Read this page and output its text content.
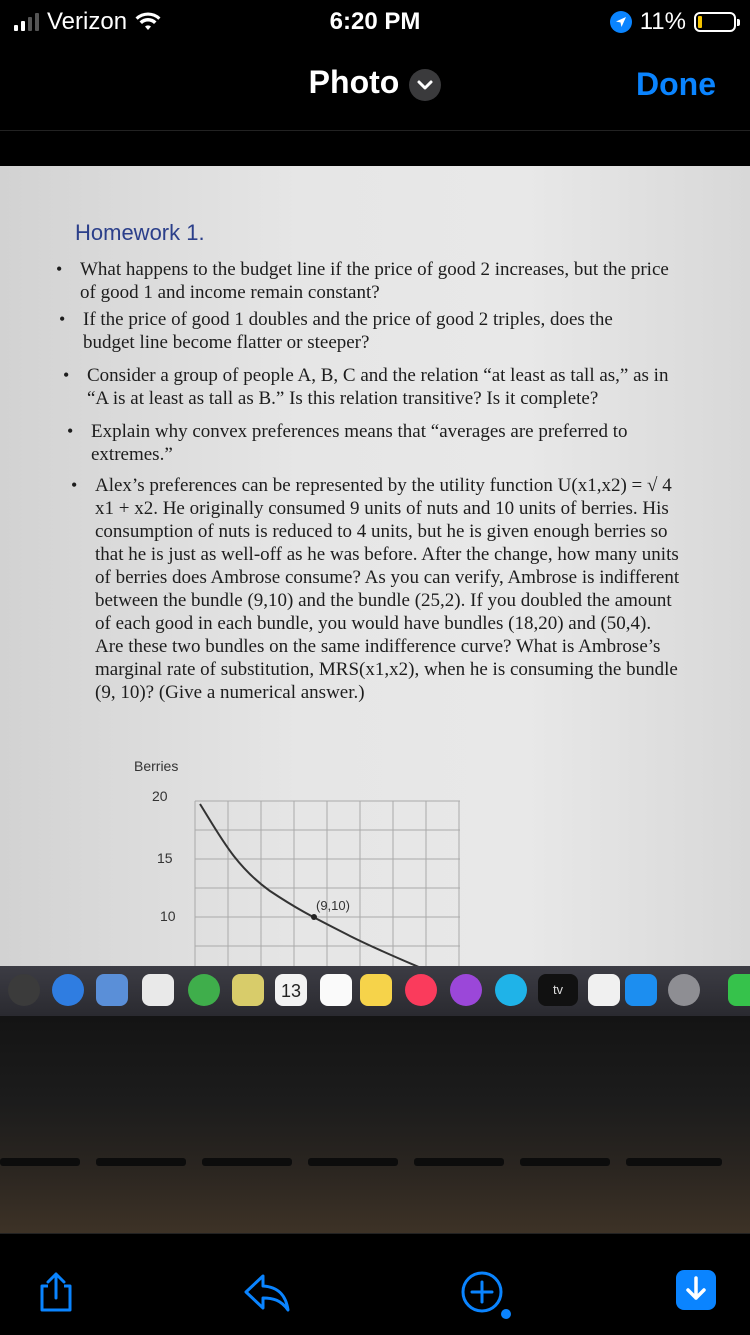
Verizon	6:20 PM	11%
Photo	Done
Homework 1.
• What happens to the budget line if the price of good 2 increases, but the price of good 1 and income remain constant?
• If the price of good 1 doubles and the price of good 2 triples, does the budget line become flatter or steeper?
• Consider a group of people A, B, C and the relation “at least as tall as,” as in “A is at least as tall as B.” Is this relation transitive? Is it complete?
• Explain why convex preferences means that “averages are preferred to extremes.”
• Alex’s preferences can be represented by the utility function U(x1,x2) = √ 4 x1 + x2. He originally consumed 9 units of nuts and 10 units of berries. His consumption of nuts is reduced to 4 units, but he is given enough berries so that he is just as well-off as he was before. After the change, how many units of berries does Ambrose consume? As you can verify, Ambrose is indifferent between the bundle (9,10) and the bundle (25,2). If you doubled the amount of each good in each bundle, you would have bundles (18,20) and (50,4). Are these two bundles on the same indifference curve? What is Ambrose’s marginal rate of substitution, MRS(x1,x2), when he is consuming the bundle (9, 10)? (Give a numerical answer.)
Berries
20
15
10
(9,10)
13	tv
